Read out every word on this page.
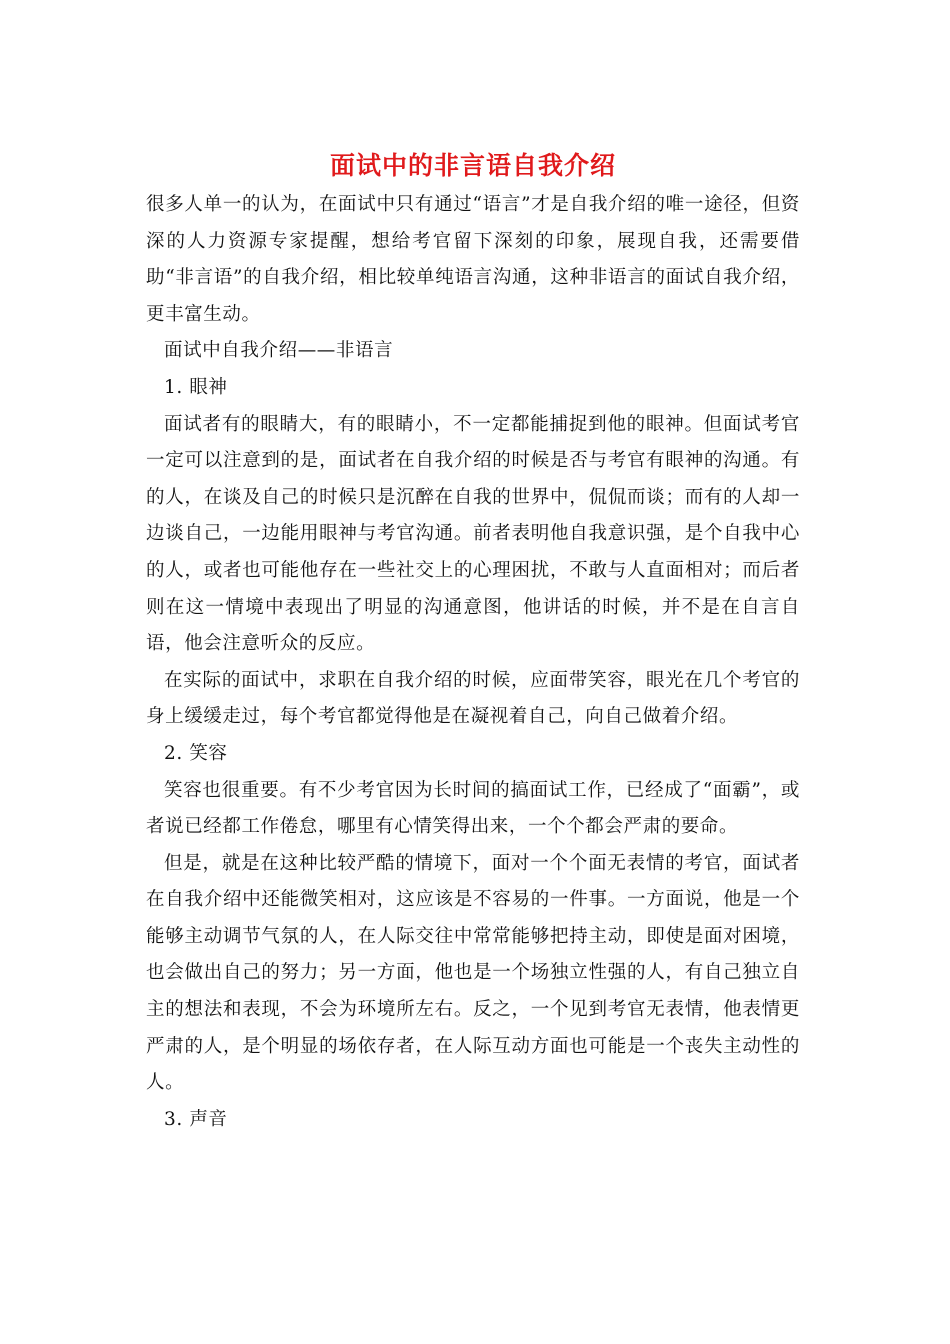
面试中的非言语自我介绍

很多人单一的认为，在面试中只有通过“语言”才是自我介绍的唯一途径，但资深的人力资源专家提醒，想给考官留下深刻的印象，展现自我，还需要借助“非言语”的自我介绍，相比较单纯语言沟通，这种非语言的面试自我介绍，更丰富生动。

面试中自我介绍——非语言

1. 眼神

面试者有的眼睛大，有的眼睛小，不一定都能捕捉到他的眼神。但面试考官一定可以注意到的是，面试者在自我介绍的时候是否与考官有眼神的沟通。有的人，在谈及自己的时候只是沉醉在自我的世界中，侃侃而谈；而有的人却一边谈自己，一边能用眼神与考官沟通。前者表明他自我意识强，是个自我中心的人，或者也可能他存在一些社交上的心理困扰，不敢与人直面相对；而后者则在这一情境中表现出了明显的沟通意图，他讲话的时候，并不是在自言自语，他会注意听众的反应。

在实际的面试中，求职在自我介绍的时候，应面带笑容，眼光在几个考官的身上缓缓走过，每个考官都觉得他是在凝视着自己，向自己做着介绍。

2. 笑容

笑容也很重要。有不少考官因为长时间的搞面试工作，已经成了“面霸”，或者说已经都工作倦怠，哪里有心情笑得出来，一个个都会严肃的要命。

但是，就是在这种比较严酷的情境下，面对一个个面无表情的考官，面试者在自我介绍中还能微笑相对，这应该是不容易的一件事。一方面说，他是一个能够主动调节气氛的人，在人际交往中常常能够把持主动，即使是面对困境，也会做出自己的努力；另一方面，他也是一个场独立性强的人，有自己独立自主的想法和表现，不会为环境所左右。反之，一个见到考官无表情，他表情更严肃的人，是个明显的场依存者，在人际互动方面也可能是一个丧失主动性的人。

3. 声音
